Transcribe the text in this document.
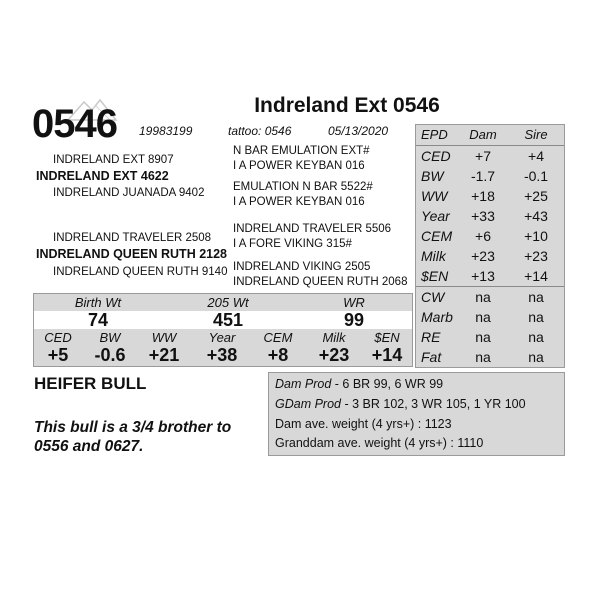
0546	Indreland Ext 0546
19983199	tattoo: 0546	05/13/2020
INDRELAND EXT 8907
INDRELAND EXT 4622
INDRELAND JUANADA 9402
INDRELAND TRAVELER 2508
INDRELAND QUEEN RUTH 2128
INDRELAND QUEEN RUTH 9140
N BAR EMULATION EXT#
I A POWER KEYBAN 016
EMULATION N BAR 5522#
I A POWER KEYBAN 016
INDRELAND TRAVELER 5506
I A FORE VIKING 315#
INDRELAND VIKING 2505
INDRELAND QUEEN RUTH 2068
EPD	Dam	Sire
CED	+7	+4
BW	-1.7	-0.1
WW	+18	+25
Year	+33	+43
CEM	+6	+10
Milk	+23	+23
$EN	+13	+14
CW	na	na
Marb	na	na
RE	na	na
Fat	na	na
Birth Wt	205 Wt	WR
74	451	99
CED	BW	WW	Year	CEM	Milk	$EN
+5	-0.6	+21	+38	+8	+23	+14
HEIFER BULL
This bull is a 3/4 brother to 0556 and 0627.
Dam Prod - 6 BR 99, 6 WR 99
GDam Prod - 3 BR 102, 3 WR 105, 1 YR 100
Dam ave. weight (4 yrs+) : 1123
Granddam ave. weight (4 yrs+) : 1110
